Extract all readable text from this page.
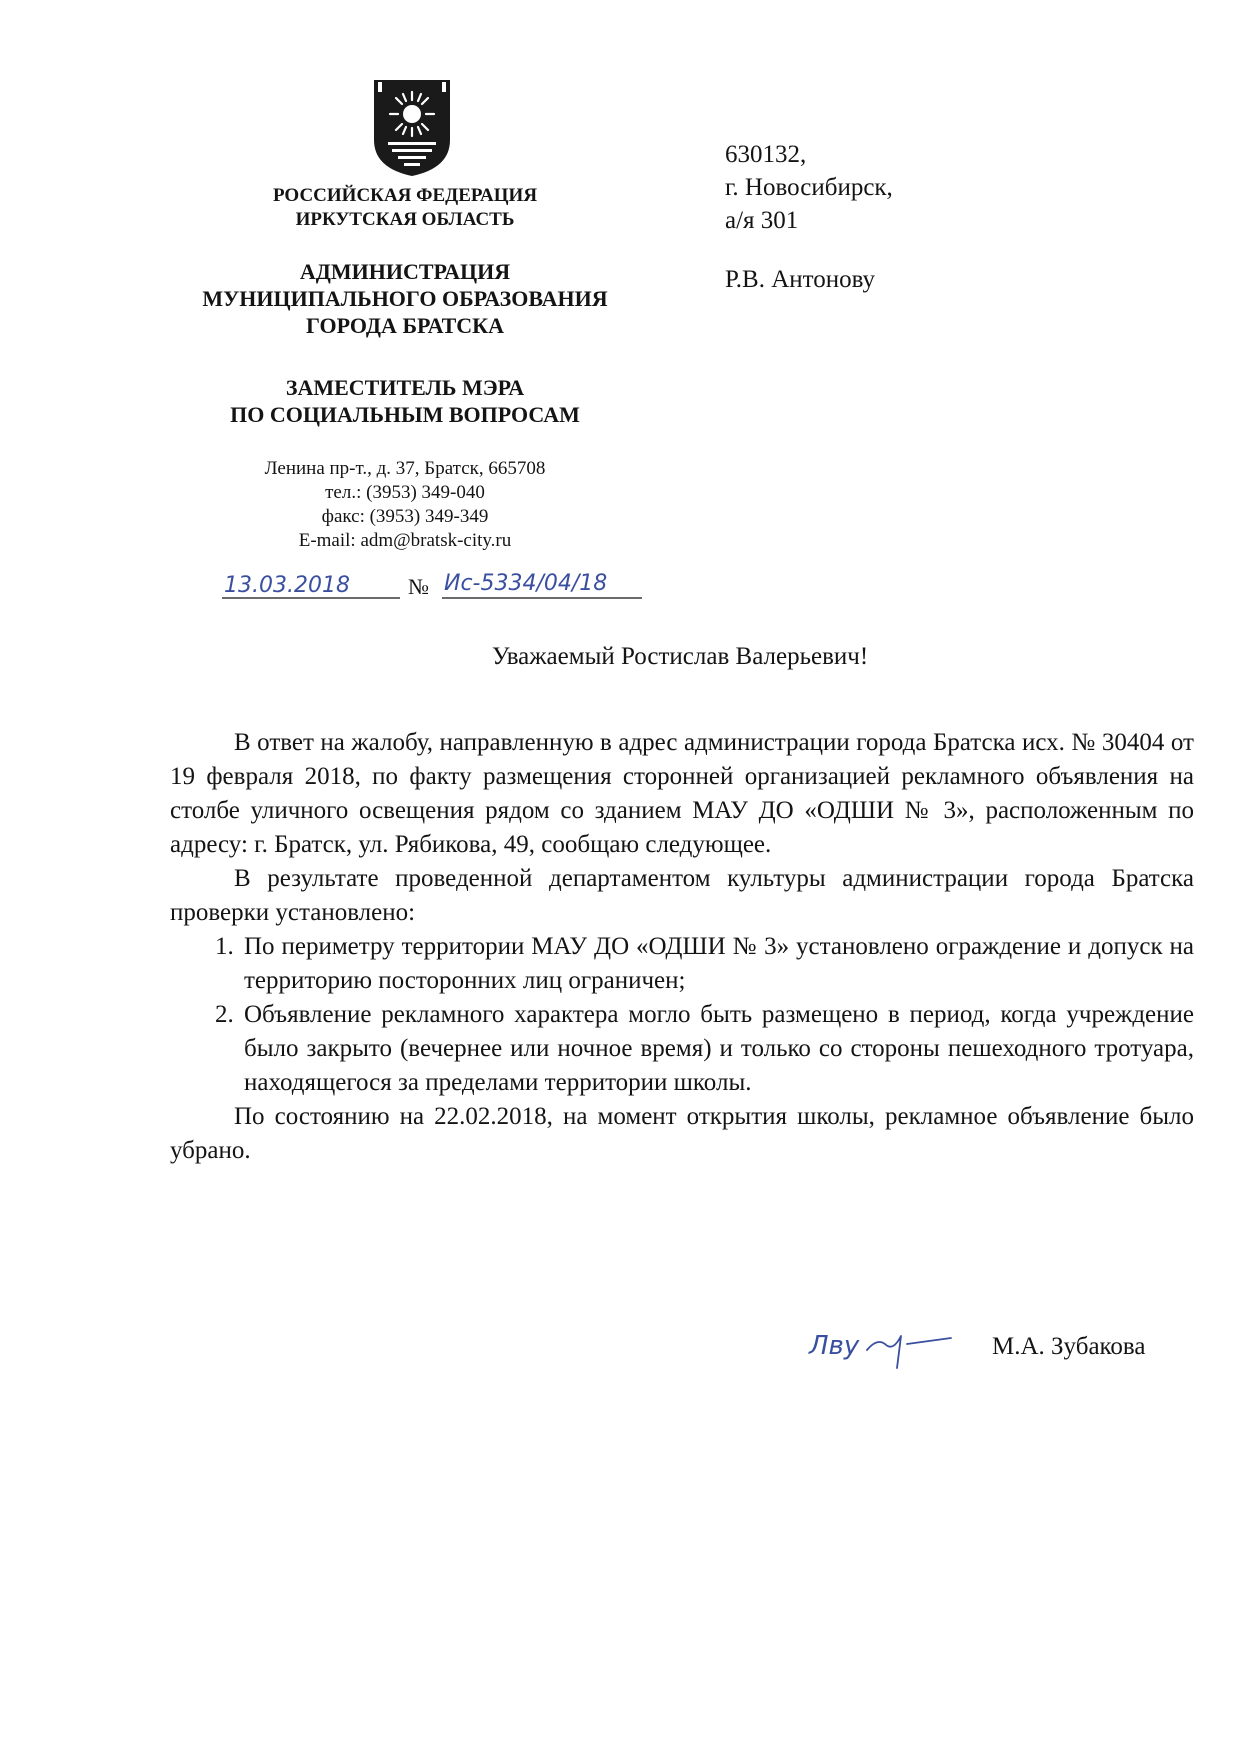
РОССИЙСКАЯ ФЕДЕРАЦИЯ
ИРКУТСКАЯ ОБЛАСТЬ
АДМИНИСТРАЦИЯ
МУНИЦИПАЛЬНОГО ОБРАЗОВАНИЯ
ГОРОДА БРАТСКА
ЗАМЕСТИТЕЛЬ МЭРА
ПО СОЦИАЛЬНЫМ ВОПРОСАМ
Ленина пр-т., д. 37, Братск, 665708
тел.: (3953) 349-040
факс: (3953) 349-349
E-mail: adm@bratsk-city.ru
13.03.2018	№ Ис-5334/04/18
630132,
г. Новосибирск,
а/я 301
Р.В. Антонову
Уважаемый Ростислав Валерьевич!

В ответ на жалобу, направленную в адрес администрации города Братска исх. № 30404 от 19 февраля 2018, по факту размещения сторонней организацией рекламного объявления на столбе уличного освещения рядом со зданием МАУ ДО «ОДШИ № 3», расположенным по адресу: г. Братск, ул. Рябикова, 49, сообщаю следующее.

В результате проведенной департаментом культуры администрации города Братска проверки установлено:

1. По периметру территории МАУ ДО «ОДШИ № 3» установлено ограждение и допуск на территорию посторонних лиц ограничен;
2. Объявление рекламного характера могло быть размещено в период, когда учреждение было закрыто (вечернее или ночное время) и только со стороны пешеходного тротуара, находящегося за пределами территории школы.

По состоянию на 22.02.2018, на момент открытия школы, рекламное объявление было убрано.

Лву	М.А. Зубакова
